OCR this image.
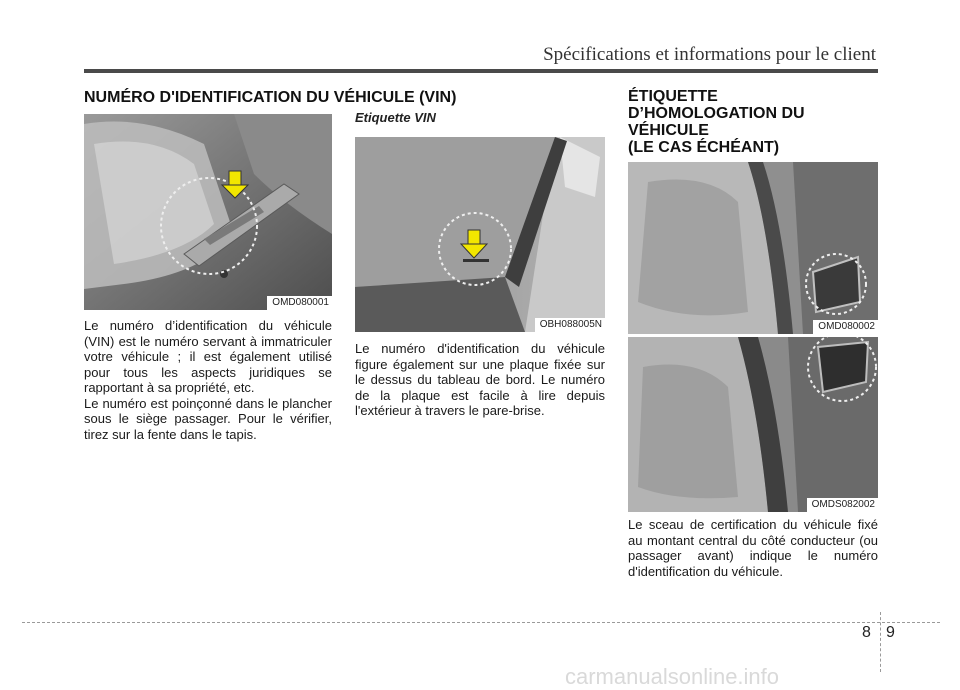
Spécifications et informations pour le client
NUMÉRO D'IDENTIFICATION DU VÉHICULE (VIN)
OMD080001

Le numéro d’identification du véhicule (VIN) est le numéro servant à immatriculer votre véhicule ; il est également utilisé pour tous les aspects juridiques se rapportant à sa propriété, etc.

Le numéro est poinçonné dans le plancher sous le siège passager. Pour le vérifier, tirez sur la fente dans le tapis.

Etiquette VIN
OBH088005N
Le numéro d'identification du véhicule figure également sur une plaque fixée sur le dessus du tableau de bord. Le numéro de la plaque est facile à lire depuis l'extérieur à travers le pare-brise.
ÉTIQUETTE
D’HOMOLOGATION DU
VÉHICULE
(LE CAS ÉCHÉANT)
OMD080002
OMDS082002
Le sceau de certification du véhicule fixé au montant central du côté conducteur (ou passager avant) indique le numéro d'identification du véhicule.
8 9
carmanualsonline.info
